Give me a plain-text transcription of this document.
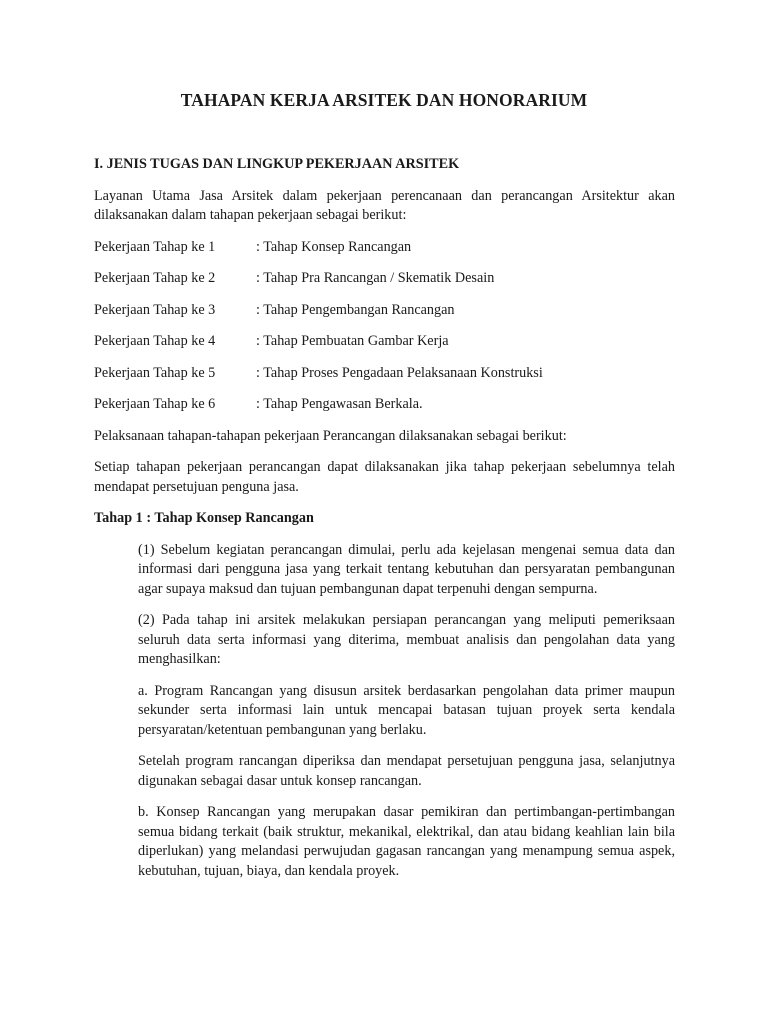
TAHAPAN KERJA ARSITEK DAN HONORARIUM
I. JENIS TUGAS DAN LINGKUP PEKERJAAN ARSITEK

Layanan Utama Jasa Arsitek dalam pekerjaan perencanaan dan perancangan Arsitektur akan dilaksanakan dalam tahapan pekerjaan sebagai berikut:

Pekerjaan Tahap ke 1	: Tahap Konsep Rancangan
Pekerjaan Tahap ke 2	: Tahap Pra Rancangan / Skematik Desain
Pekerjaan Tahap ke 3	: Tahap Pengembangan Rancangan
Pekerjaan Tahap ke 4	: Tahap Pembuatan Gambar Kerja
Pekerjaan Tahap ke 5	: Tahap Proses Pengadaan Pelaksanaan Konstruksi
Pekerjaan Tahap ke 6	: Tahap Pengawasan Berkala.

Pelaksanaan tahapan-tahapan pekerjaan Perancangan dilaksanakan sebagai berikut:

Setiap tahapan pekerjaan perancangan dapat dilaksanakan jika tahap pekerjaan sebelumnya telah mendapat persetujuan penguna jasa.

Tahap 1 : Tahap Konsep Rancangan

(1) Sebelum kegiatan perancangan dimulai, perlu ada kejelasan mengenai semua data dan informasi dari pengguna jasa yang terkait tentang kebutuhan dan persyaratan pembangunan agar supaya maksud dan tujuan pembangunan dapat terpenuhi dengan sempurna.

(2) Pada tahap ini arsitek melakukan persiapan perancangan yang meliputi pemeriksaan seluruh data serta informasi yang diterima, membuat analisis dan pengolahan data yang menghasilkan:

a. Program Rancangan yang disusun arsitek berdasarkan pengolahan data primer maupun sekunder serta informasi lain untuk mencapai batasan tujuan proyek serta kendala persyaratan/ketentuan pembangunan yang berlaku.

Setelah program rancangan diperiksa dan mendapat persetujuan pengguna jasa, selanjutnya digunakan sebagai dasar untuk konsep rancangan.

b. Konsep Rancangan yang merupakan dasar pemikiran dan pertimbangan-pertimbangan semua bidang terkait (baik struktur, mekanikal, elektrikal, dan atau bidang keahlian lain bila diperlukan) yang melandasi perwujudan gagasan rancangan yang menampung semua aspek, kebutuhan, tujuan, biaya, dan kendala proyek.
